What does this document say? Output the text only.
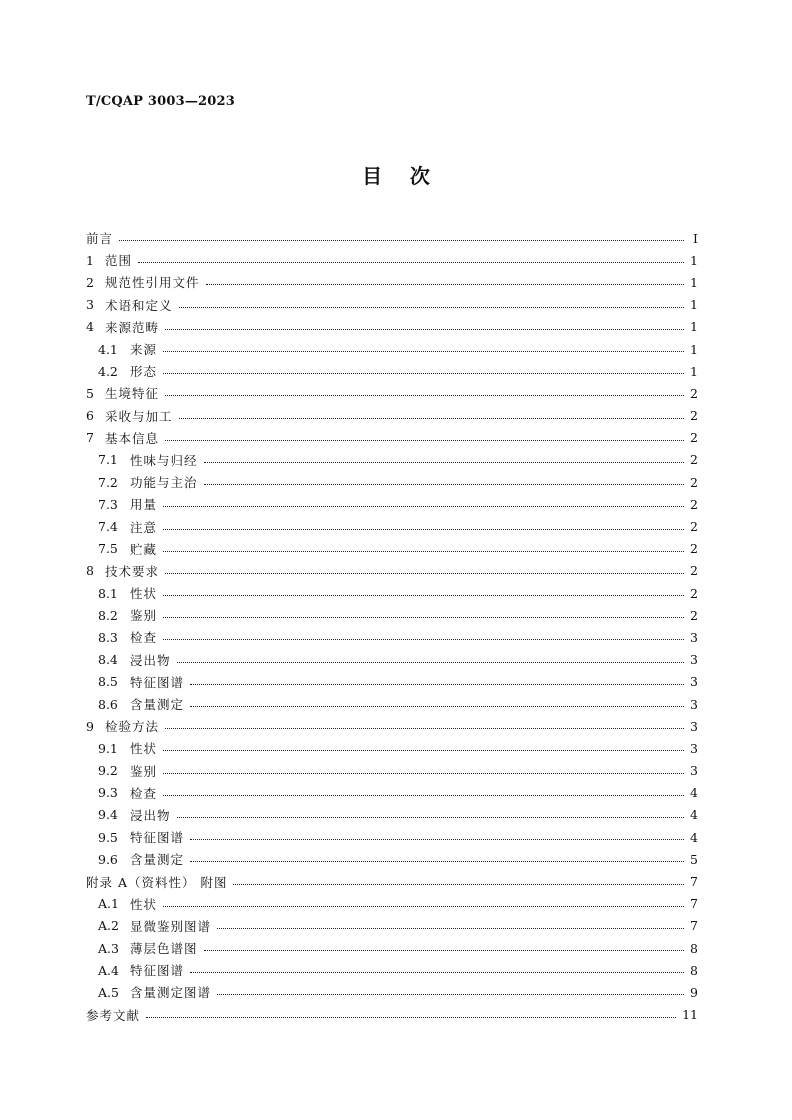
T/CQAP 3003—2023
目    次
前言	I
1 范围	1
2 规范性引用文件	1
3 术语和定义	1
4 来源范畴	1
4.1 来源	1
4.2 形态	1
5 生境特征	2
6 采收与加工	2
7 基本信息	2
7.1 性味与归经	2
7.2 功能与主治	2
7.3 用量	2
7.4 注意	2
7.5 贮藏	2
8 技术要求	2
8.1 性状	2
8.2 鉴别	2
8.3 检查	3
8.4 浸出物	3
8.5 特征图谱	3
8.6 含量测定	3
9 检验方法	3
9.1 性状	3
9.2 鉴别	3
9.3 检查	4
9.4 浸出物	4
9.5 特征图谱	4
9.6 含量测定	5
附录 A（资料性） 附图	7
A.1 性状	7
A.2 显微鉴别图谱	7
A.3 薄层色谱图	8
A.4 特征图谱	8
A.5 含量测定图谱	9
参考文献	11
